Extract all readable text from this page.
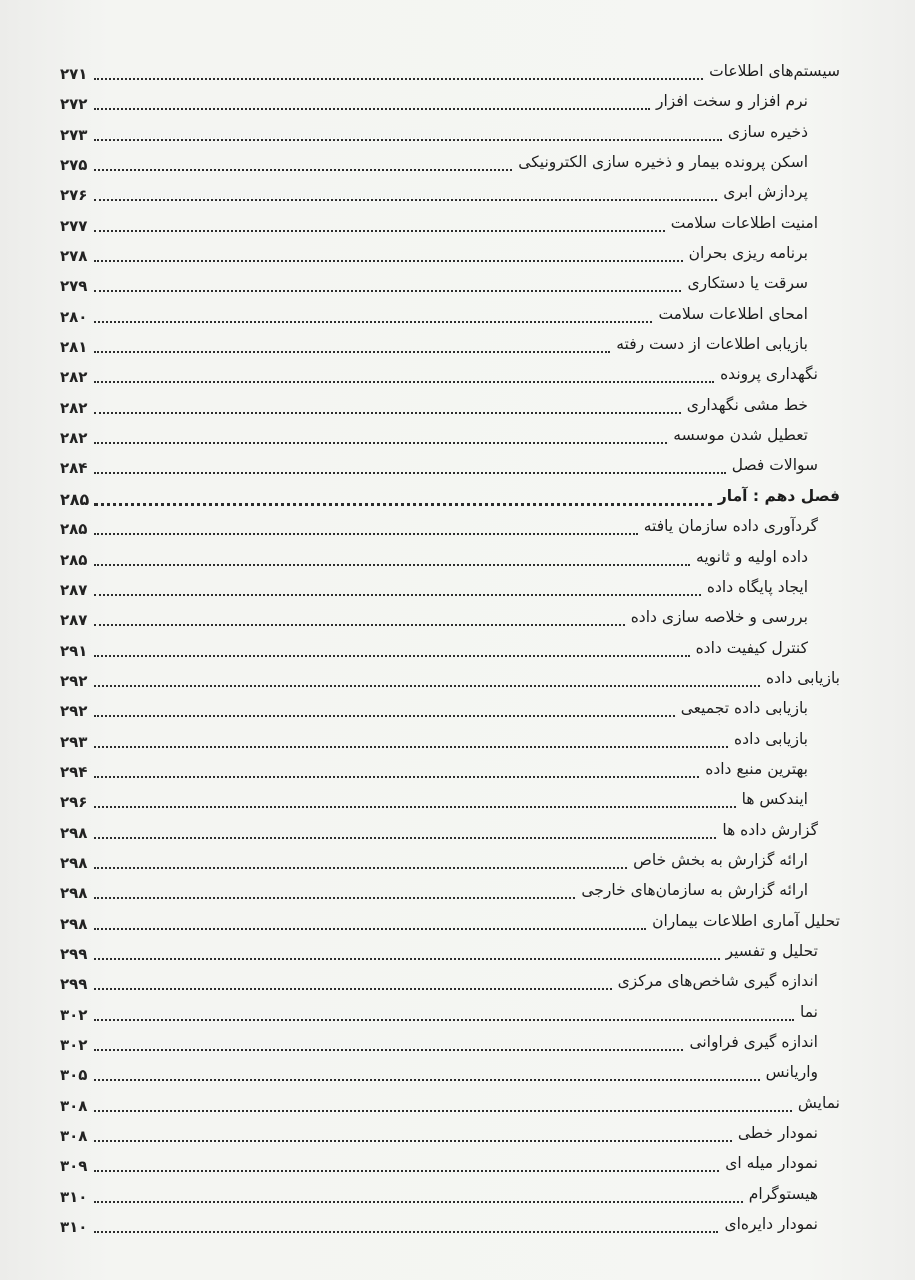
۲۷۱	سیستم‌های اطلاعات
۲۷۲	نرم افزار و سخت افزار
۲۷۳	ذخیره سازی
۲۷۵	اسکن پرونده بیمار و ذخیره سازی الکترونیکی
۲۷۶	پردازش ابری
۲۷۷	امنیت اطلاعات سلامت
۲۷۸	برنامه ریزی بحران
۲۷۹	سرقت یا دستکاری
۲۸۰	امحای اطلاعات سلامت
۲۸۱	بازیابی اطلاعات از دست رفته
۲۸۲	نگهداری پرونده
۲۸۲	خط مشی نگهداری
۲۸۲	تعطیل شدن موسسه
۲۸۴	سوالات فصل
۲۸۵	فصل دهم : آمار
۲۸۵	گردآوری داده سازمان یافته
۲۸۵	داده اولیه و ثانویه
۲۸۷	ایجاد پایگاه داده
۲۸۷	بررسی و خلاصه سازی داده
۲۹۱	کنترل کیفیت داده
۲۹۲	بازیابی داده
۲۹۲	بازیابی داده تجمیعی
۲۹۳	بازیابی داده
۲۹۴	بهترین منبع داده
۲۹۶	ایندکس ها
۲۹۸	گزارش داده ها
۲۹۸	ارائه گزارش به بخش خاص
۲۹۸	ارائه گزارش به سازمان‌های خارجی
۲۹۸	تحلیل آماری اطلاعات بیماران
۲۹۹	تحلیل و تفسیر
۲۹۹	اندازه گیری شاخص‌های مرکزی
۳۰۲	نما
۳۰۲	اندازه گیری فراوانی
۳۰۵	واریانس
۳۰۸	نمایش
۳۰۸	نمودار خطی
۳۰۹	نمودار میله ای
۳۱۰	هیستوگرام
۳۱۰	نمودار دایره‌ای
